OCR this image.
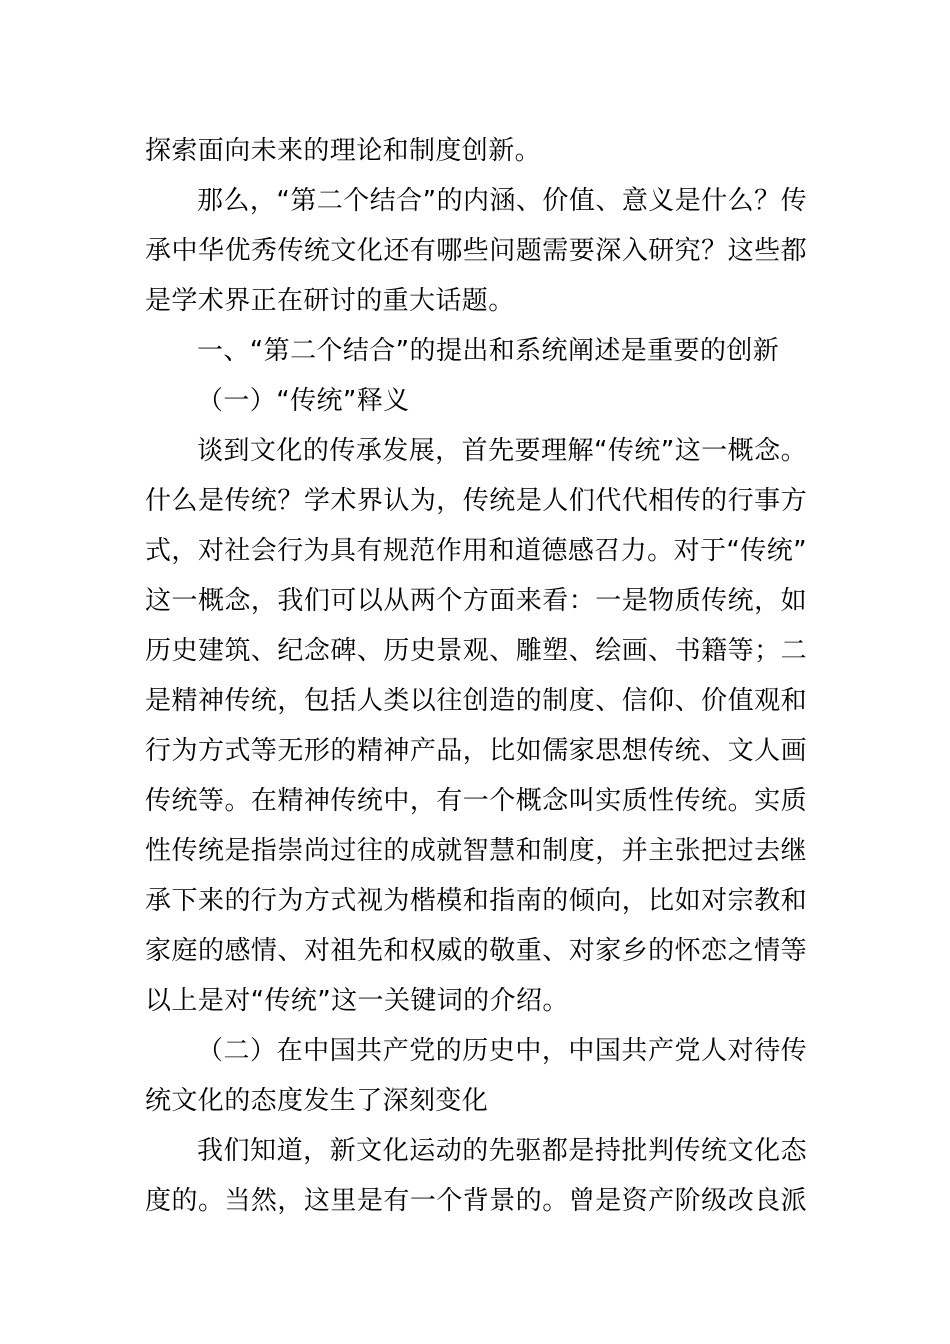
探索面向未来的理论和制度创新。
那么，“第二个结合”的内涵、价值、意义是什么？传
承中华优秀传统文化还有哪些问题需要深入研究？这些都
是学术界正在研讨的重大话题。
一、“第二个结合”的提出和系统阐述是重要的创新
（一）“传统”释义
谈到文化的传承发展，首先要理解“传统”这一概念。
什么是传统？学术界认为，传统是人们代代相传的行事方
式，对社会行为具有规范作用和道德感召力。对于“传统”
这一概念，我们可以从两个方面来看：一是物质传统，如
历史建筑、纪念碑、历史景观、雕塑、绘画、书籍等；二
是精神传统，包括人类以往创造的制度、信仰、价值观和
行为方式等无形的精神产品，比如儒家思想传统、文人画
传统等。在精神传统中，有一个概念叫实质性传统。实质
性传统是指崇尚过往的成就智慧和制度，并主张把过去继
承下来的行为方式视为楷模和指南的倾向，比如对宗教和
家庭的感情、对祖先和权威的敬重、对家乡的怀恋之情等
以上是对“传统”这一关键词的介绍。
（二）在中国共产党的历史中，中国共产党人对待传
统文化的态度发生了深刻变化
我们知道，新文化运动的先驱都是持批判传统文化态
度的。当然，这里是有一个背景的。曾是资产阶级改良派
